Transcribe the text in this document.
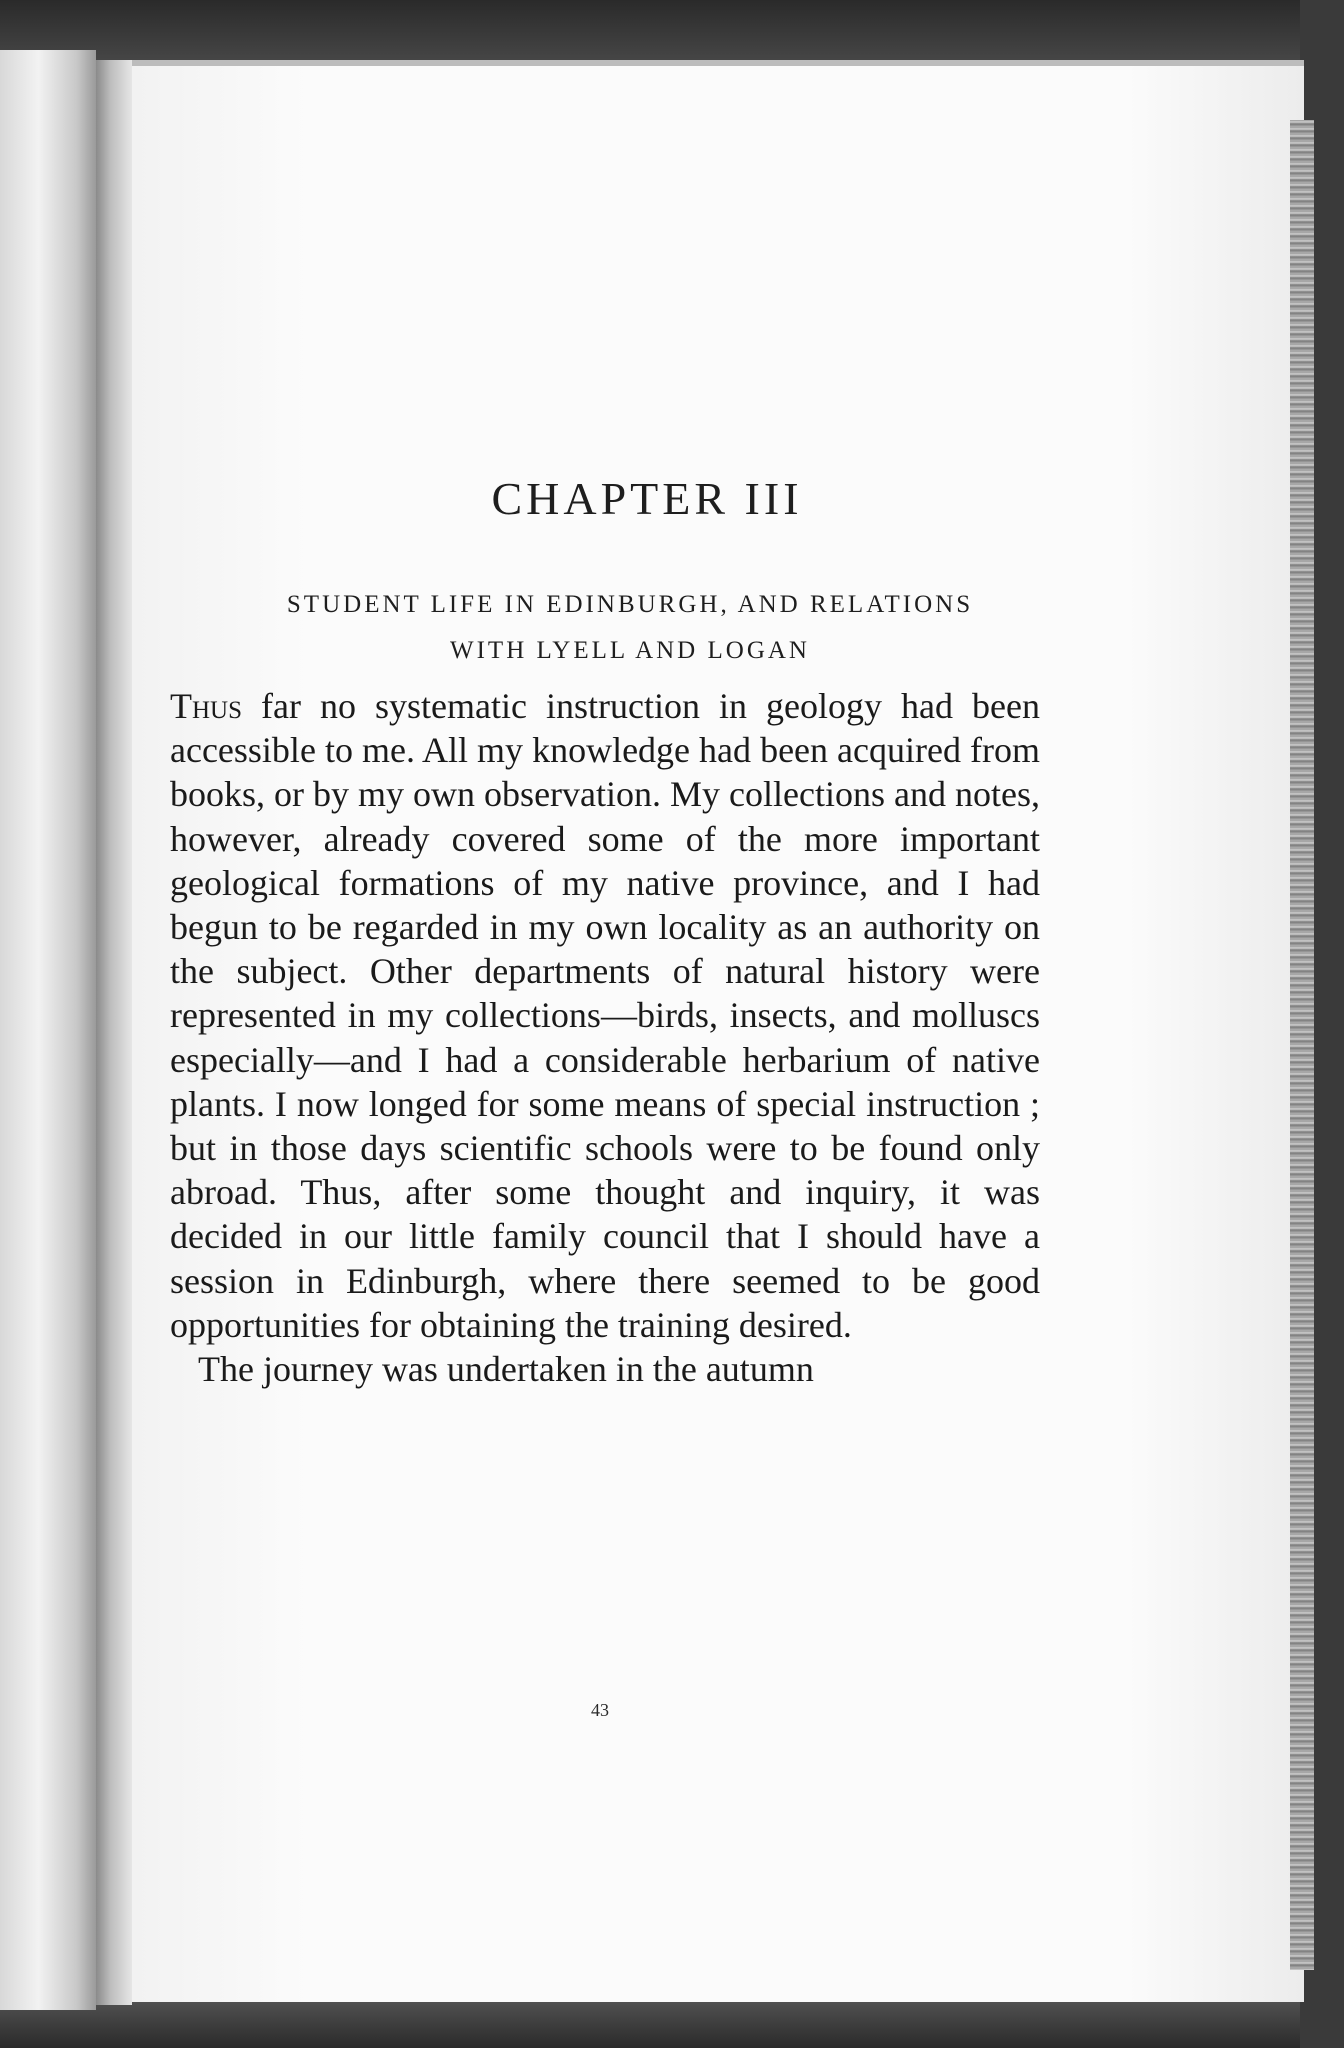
CHAPTER III
STUDENT LIFE IN EDINBURGH, AND RELATIONS
WITH LYELL AND LOGAN

Thus far no systematic instruction in geology had been accessible to me. All my knowledge had been acquired from books, or by my own observation. My collections and notes, however, already covered some of the more important geological formations of my native province, and I had begun to be regarded in my own locality as an authority on the subject. Other departments of natural history were represented in my collections—birds, insects, and molluscs especially—and I had a considerable herbarium of native plants. I now longed for some means of special instruction ; but in those days scientific schools were to be found only abroad. Thus, after some thought and inquiry, it was decided in our little family council that I should have a session in Edinburgh, where there seemed to be good opportunities for obtaining the training desired.

The journey was undertaken in the autumn

43
